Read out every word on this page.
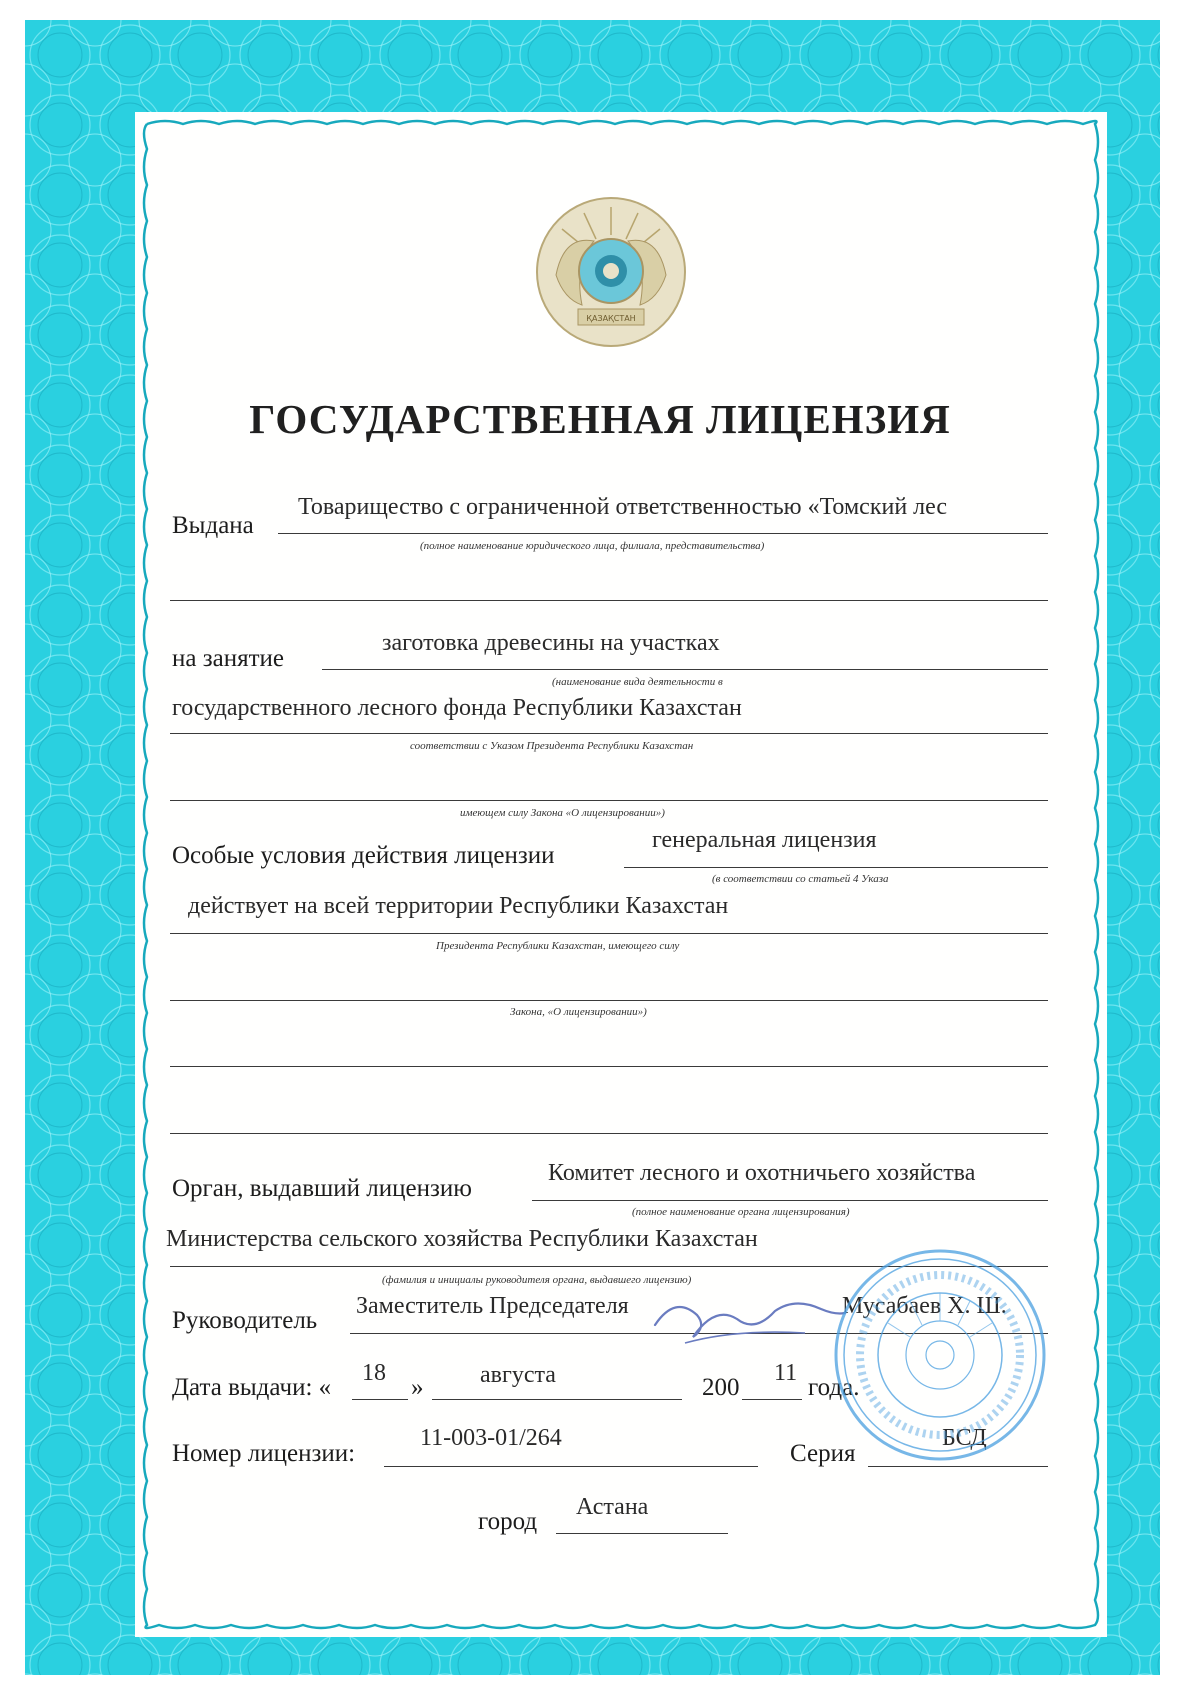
ҚАЗАҚСТАН
ГОСУДАРСТВЕННАЯ ЛИЦЕНЗИЯ
Выдана
Товарищество с ограниченной ответственностью «Томский лес
(полное наименование юридического лица, филиала, представительства)
на занятие
заготовка древесины на участках
(наименование вида деятельности в
государственного лесного фонда Республики Казахстан
соответствии с Указом Президента Республики Казахстан
имеющем силу Закона «О лицензировании»)
Особые условия действия лицензии
генеральная лицензия
(в соответствии со статьей 4 Указа
действует на всей территории Республики Казахстан
Президента Республики Казахстан, имеющего силу
Закона, «О лицензировании»)
Орган, выдавший лицензию
Комитет лесного и охотничьего хозяйства
(полное наименование органа лицензирования)
Министерства сельского хозяйства Республики Казахстан
(фамилия и инициалы руководителя органа, выдавшего лицензию)
Руководитель
Заместитель Председателя	Мусабаев Х. Ш.
Дата выдачи: «
18
» августа	200
11
года.
Номер лицензии:
11-003-01/264
Серия
БСД
город
Астана
